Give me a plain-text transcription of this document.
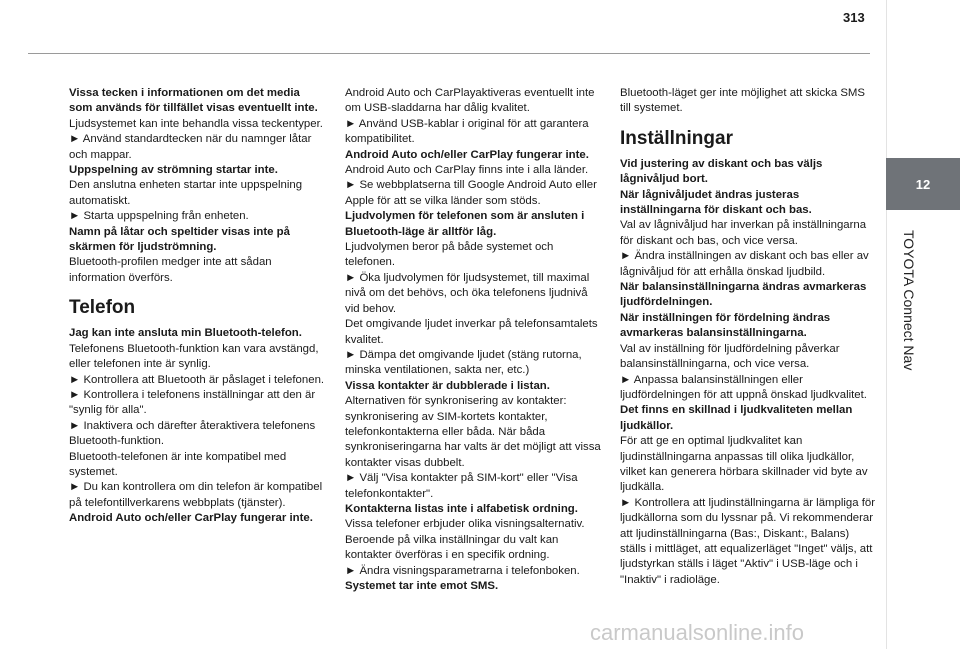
313
12
TOYOTA Connect Nav

Vissa tecken i informationen om det media som används för tillfället visas eventuellt inte.

Ljudsystemet kan inte behandla vissa teckentyper.

► Använd standardtecken när du namnger låtar och mappar.

Uppspelning av strömning startar inte.

Den anslutna enheten startar inte uppspelning automatiskt.

► Starta uppspelning från enheten.

Namn på låtar och speltider visas inte på skärmen för ljudströmning.

Bluetooth-profilen medger inte att sådan information överförs.

Telefon

Jag kan inte ansluta min Bluetooth-telefon.

Telefonens Bluetooth-funktion kan vara avstängd, eller telefonen inte är synlig.

► Kontrollera att Bluetooth är påslaget i telefonen.

► Kontrollera i telefonens inställningar att den är "synlig för alla".

► Inaktivera och därefter återaktivera telefonens Bluetooth-funktion.

Bluetooth-telefonen är inte kompatibel med systemet.

► Du kan kontrollera om din telefon är kompatibel på telefontillverkarens webbplats (tjänster).

Android Auto och/eller CarPlay fungerar inte.

Android Auto och CarPlayaktiveras eventuellt inte om USB-sladdarna har dålig kvalitet.

► Använd USB-kablar i original för att garantera kompatibilitet.

Android Auto och/eller CarPlay fungerar inte.

Android Auto och CarPlay finns inte i alla länder.

► Se webbplatserna till Google Android Auto eller Apple för att se vilka länder som stöds.

Ljudvolymen för telefonen som är ansluten i Bluetooth-läge är alltför låg.

Ljudvolymen beror på både systemet och telefonen.

► Öka ljudvolymen för ljudsystemet, till maximal nivå om det behövs, och öka telefonens ljudnivå vid behov.

Det omgivande ljudet inverkar på telefonsamtalets kvalitet.

► Dämpa det omgivande ljudet (stäng rutorna, minska ventilationen, sakta ner, etc.)

Vissa kontakter är dubblerade i listan.

Alternativen för synkronisering av kontakter: synkronisering av SIM-kortets kontakter, telefonkontakterna eller båda. När båda synkroniseringarna har valts är det möjligt att vissa kontakter visas dubbelt.

► Välj "Visa kontakter på SIM-kort" eller "Visa telefonkontakter".

Kontakterna listas inte i alfabetisk ordning.

Vissa telefoner erbjuder olika visningsalternativ. Beroende på vilka inställningar du valt kan kontakter överföras i en specifik ordning.

► Ändra visningsparametrarna i telefonboken.

Systemet tar inte emot SMS.

Bluetooth-läget ger inte möjlighet att skicka SMS till systemet.

Inställningar

Vid justering av diskant och bas väljs lågnivåljud bort.

När lågnivåljudet ändras justeras inställningarna för diskant och bas.

Val av lågnivåljud har inverkan på inställningarna för diskant och bas, och vice versa.

► Ändra inställningen av diskant och bas eller av lågnivåljud för att erhålla önskad ljudbild.

När balansinställningarna ändras avmarkeras ljudfördelningen.

När inställningen för fördelning ändras avmarkeras balansinställningarna.

Val av inställning för ljudfördelning påverkar balansinställningarna, och vice versa.

► Anpassa balansinställningen eller ljudfördelningen för att uppnå önskad ljudkvalitet.

Det finns en skillnad i ljudkvaliteten mellan ljudkällor.

För att ge en optimal ljudkvalitet kan ljudinställningarna anpassas till olika ljudkällor, vilket kan generera hörbara skillnader vid byte av ljudkälla.

► Kontrollera att ljudinställningarna är lämpliga för ljudkällorna som du lyssnar på. Vi rekommenderar att ljudinställningarna (Bas:, Diskant:, Balans) ställs i mittläget, att equalizerläget "Inget" väljs, att ljudstyrkan ställs i läget "Aktiv" i USB-läge och i "Inaktiv" i radioläge.

carmanualsonline.info
